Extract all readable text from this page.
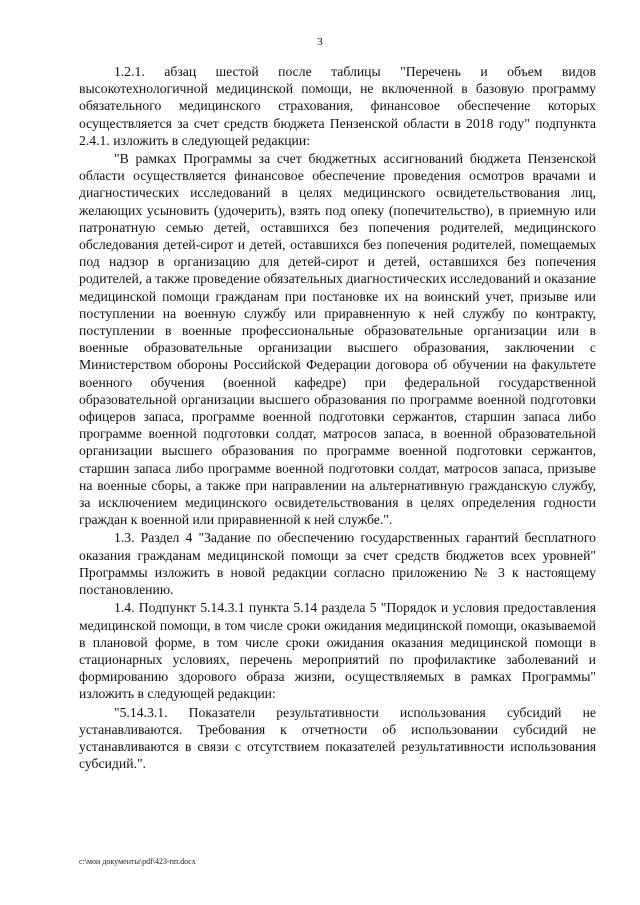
3

1.2.1. абзац шестой после таблицы "Перечень и объем видов высокотехнологичной медицинской помощи, не включенной в базовую программу обязательного медицинского страхования, финансовое обеспечение которых осуществляется за счет средств бюджета Пензенской области в 2018 году" подпункта 2.4.1. изложить в следующей редакции:

"В рамках Программы за счет бюджетных ассигнований бюджета Пензенской области осуществляется финансовое обеспечение проведения осмотров врачами и диагностических исследований в целях медицинского освидетельствования лиц, желающих усыновить (удочерить), взять под опеку (попечительство), в приемную или патронатную семью детей, оставшихся без попечения родителей, медицинского обследования детей-сирот и детей, оставшихся без попечения родителей, помещаемых под надзор в организацию для детей-сирот и детей, оставшихся без попечения родителей, а также проведение обязательных диагностических исследований и оказание медицинской помощи гражданам при постановке их на воинский учет, призыве или поступлении на военную службу или приравненную к ней службу по контракту, поступлении в военные профессиональные образовательные организации или в военные образовательные организации высшего образования, заключении с Министерством обороны Российской Федерации договора об обучении на факультете военного обучения (военной кафедре) при федеральной государственной образовательной организации высшего образования по программе военной подготовки офицеров запаса, программе военной подготовки сержантов, старшин запаса либо программе военной подготовки солдат, матросов запаса, в военной образовательной организации высшего образования по программе военной подготовки сержантов, старшин запаса либо программе военной подготовки солдат, матросов запаса, призыве на военные сборы, а также при направлении на альтернативную гражданскую службу, за исключением медицинского освидетельствования в целях определения годности граждан к военной или приравненной к ней службе.".

1.3. Раздел 4 "Задание по обеспечению государственных гарантий бесплатного оказания гражданам медицинской помощи за счет средств бюджетов всех уровней" Программы изложить в новой редакции согласно приложению № 3 к настоящему постановлению.

1.4. Подпункт 5.14.3.1 пункта 5.14 раздела 5 "Порядок и условия предоставления медицинской помощи, в том числе сроки ожидания медицинской помощи, оказываемой в плановой форме, в том числе сроки ожидания оказания медицинской помощи в стационарных условиях, перечень мероприятий по профилактике заболеваний и формированию здорового образа жизни, осуществляемых в рамках Программы" изложить в следующей редакции:

"5.14.3.1. Показатели результативности использования субсидий не устанавливаются. Требования к отчетности об использовании субсидий не устанавливаются в связи с отсутствием показателей результативности использования субсидий.".

c:\мои документы\pdf\423-пп.docx
